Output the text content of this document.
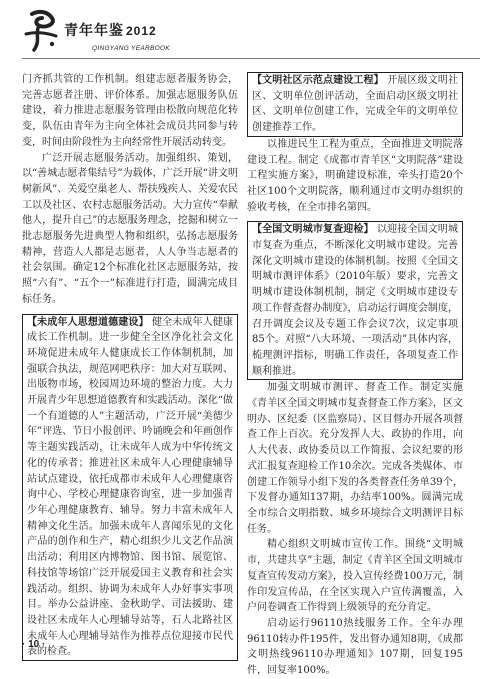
青年年鉴 2012
QINGYANG YEARBOOK

门齐抓共管的工作机制。组建志愿者服务协会，完善志愿者注册、评价体系。加强志愿服务队伍建设，着力推进志愿服务管理由松散向规范化转变，队伍由青年为主向全体社会成员共同参与转变，时间由阶段性为主向经常性开展活动转变。

广泛开展志愿服务活动。加强组织、策划，以“善城志愿者集结号”为载体，广泛开展“讲文明树新风”、关爱空巢老人、帮扶残疾人、关爱农民工以及社区、农村志愿服务活动。大力宣传“奉献他人，提升自己”的志愿服务理念，挖掘和树立一批志愿服务先进典型人物和组织，弘扬志愿服务精神，营造人人都是志愿者，人人争当志愿者的社会氛围。确定12个标准化社区志愿服务站，按照“六有”、“五个一”标准进行打造，圆满完成目标任务。

【未成年人思想道德建设】 健全未成年人健康成长工作机制。进一步健全全区净化社会文化环境促进未成年人健康成长工作体制机制，加强联合执法，规范网吧秩序：加大对互联网、出版物市场，校园周边环境的整治力度。大力开展青少年思想道德教育和实践活动。深化“做一个有道德的人”主题活动，广泛开展“美德少年”评选、节日小报创评、吟诵晚会和年画创作等主题实践活动，让未成年人成为中华传统文化的传承者；推进社区未成年人心理健康辅导站试点建设，依托成都市未成年人心理健康咨询中心、学校心理健康咨询室，进一步加强青少年心理健康教育、辅导。努力丰富未成年人精神文化生活。加强未成年人喜闻乐见的文化产品的创作和生产，精心组织少儿文艺作品演出活动；利用区内博物馆、图书馆、展览馆、科技馆等场馆广泛开展爱国主义教育和社会实践活动。组织、协调为未成年人办好事实事项目。举办公益讲座、金秋助学、司法援助、建设社区未成年人心理辅导站等，石人北路社区未成年人心理辅导站作为推荐点位迎接市民代表的检查。
【文明社区示范点建设工程】 开展区级文明社区、文明单位创评活动，全面启动区级文明社区、文明单位创建工作，完成全年的文明单位创建推荐工作。

以推进民生工程为重点，全面推进文明院落建设工程。制定《成都市青羊区“文明院落”建设工程实施方案》，明确建设标准，牵头打造20个社区100个文明院落，顺利通过市文明办组织的验收考核，在全市排名第四。

【全国文明城市复查迎检】 以迎接全国文明城市复查为重点，不断深化文明城市建设。完善深化文明城市建设的体制机制。按照《全国文明城市测评体系》（2010年版）要求，完善文明城市建设体制机制，制定《文明城市建设专项工作督查督办制度》，启动运行调度会制度，召开调度会议及专题工作会议7次，议定事项85个。对照“八大环境、一项活动”具体内容，梳理测评指标，明确工作责任，各项复查工作顺利推进。

加强文明城市测评、督查工作。制定实施《青羊区全国文明城市复查督查工作方案》，区文明办、区纪委（区监察局）、区目督办开展各项督查工作上百次。充分发挥人大、政协的作用，向人大代表、政协委员以工作简报、会议纪要的形式汇报复查迎检工作10余次。完成各类媒体、市创建工作领导小组下发的各类督查任务单39个，下发督办通知137期，办结率100%。圆满完成全市综合文明指数、城乡环境综合文明测评目标任务。

精心组织文明城市宣传工作。围绕“文明城市，共建共享”主题，制定《青羊区全国文明城市复查宣传发动方案》，投入宣传经费100万元，制作印发宣传品，在全区实现入户宣传满覆盖，入户问卷调查工作得到上级领导的充分肯定。

启动运行96110热线服务工作。全年办理96110转办件195件，发出督办通知8期，《成都文明热线96110办理通知》107期，回复195件，回复率100%。

· 10 ·
